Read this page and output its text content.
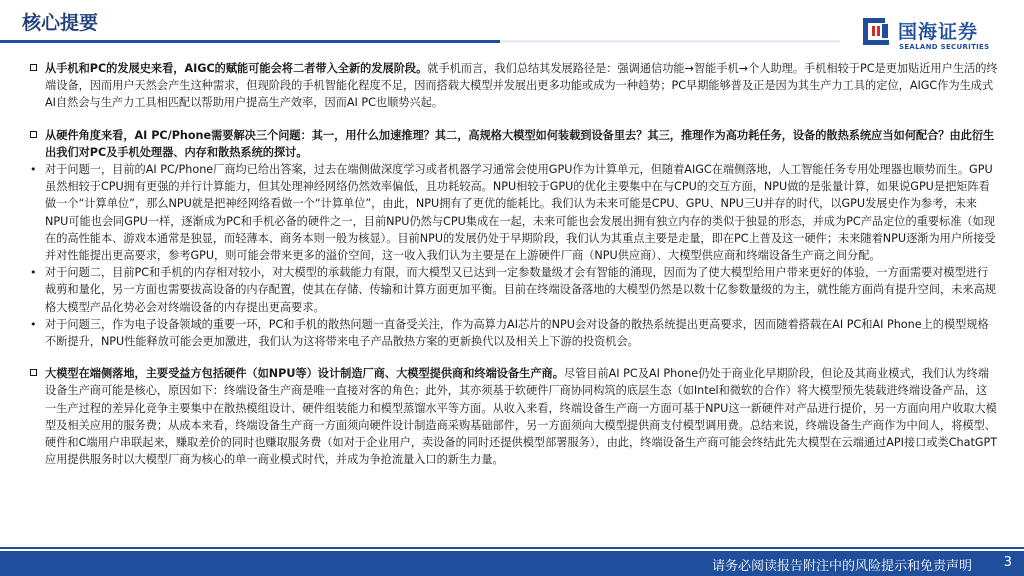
核心提要	国海证券
SEALAND SECURITIES
从手机和PC的发展史来看，AIGC的赋能可能会将二者带入全新的发展阶段。就手机而言，我们总结其发展路径是：强调通信功能→智能手机→个人助理。手机相较于PC是更加贴近用户生活的终端设备，因而用户天然会产生这种需求，但现阶段的手机智能化程度不足，因而搭载大模型并发展出更多功能或成为一种趋势；PC早期能够普及正是因为其生产力工具的定位，AIGC作为生成式AI自然会与生产力工具相匹配以帮助用户提高生产效率，因而AI PC也顺势兴起。
从硬件角度来看，AI PC/Phone需要解决三个问题：其一，用什么加速推理？其二，高规格大模型如何装载到设备里去？其三，推理作为高功耗任务，设备的散热系统应当如何配合？由此衍生出我们对PC及手机处理器、内存和散热系统的探讨。
• 对于问题一，目前的AI PC/Phone厂商均已给出答案，过去在端侧做深度学习或者机器学习通常会使用GPU作为计算单元，但随着AIGC在端侧落地，人工智能任务专用处理器也顺势而生。GPU虽然相较于CPU拥有更强的并行计算能力，但其处理神经网络仍然效率偏低，且功耗较高。NPU相较于GPU的优化主要集中在与CPU的交互方面，NPU做的是张量计算，如果说GPU是把矩阵看做一个“计算单位”，那么NPU就是把神经网络看做一个“计算单位”，由此，NPU拥有了更优的能耗比。我们认为未来可能是CPU、GPU、NPU三U并存的时代，以GPU发展史作为参考，未来NPU可能也会同GPU一样，逐渐成为PC和手机必备的硬件之一，目前NPU仍然与CPU集成在一起，未来可能也会发展出拥有独立内存的类似于独显的形态，并成为PC产品定位的重要标准（如现在的高性能本、游戏本通常是独显，而轻薄本、商务本则一般为核显）。目前NPU的发展仍处于早期阶段，我们认为其重点主要是走量，即在PC上普及这一硬件；未来随着NPU逐渐为用户所接受并对性能提出更高要求，参考GPU，则可能会带来更多的溢价空间，这一收入我们认为主要是在上游硬件厂商（NPU供应商）、大模型供应商和终端设备生产商之间分配。
• 对于问题二，目前PC和手机的内存相对较小，对大模型的承载能力有限，而大模型又已达到一定参数量级才会有智能的涌现，因而为了使大模型给用户带来更好的体验，一方面需要对模型进行裁剪和量化，另一方面也需要拔高设备的内存配置，使其在存储、传输和计算方面更加平衡。目前在终端设备落地的大模型仍然是以数十亿参数量级的为主，就性能方面尚有提升空间，未来高规格大模型产品化势必会对终端设备的内存提出更高要求。
• 对于问题三，作为电子设备领域的重要一环，PC和手机的散热问题一直备受关注，作为高算力AI芯片的NPU会对设备的散热系统提出更高要求，因而随着搭载在AI PC和AI Phone上的模型规格不断提升，NPU性能释放可能会更加激进，我们认为这将带来电子产品散热方案的更新换代以及相关上下游的投资机会。
大模型在端侧落地，主要受益方包括硬件（如NPU等）设计制造厂商、大模型提供商和终端设备生产商。尽管目前AI PC及AI Phone仍处于商业化早期阶段，但论及其商业模式，我们认为终端设备生产商可能是核心，原因如下：终端设备生产商是唯一直接对客的角色；此外，其亦须基于软硬件厂商协同构筑的底层生态（如Intel和微软的合作）将大模型预先装载进终端设备产品，这一生产过程的差异化竞争主要集中在散热模组设计、硬件组装能力和模型蒸馏水平等方面。从收入来看，终端设备生产商一方面可基于NPU这一新硬件对产品进行提价，另一方面向用户收取大模型及相关应用的服务费；从成本来看，终端设备生产商一方面须向硬件设计制造商采购基础部件，另一方面须向大模型提供商支付模型调用费。总结来说，终端设备生产商作为中间人，将模型、硬件和C端用户串联起来，赚取差价的同时也赚取服务费（如对于企业用户，卖设备的同时还提供模型部署服务），由此，终端设备生产商可能会终结此先大模型在云端通过API接口或类ChatGPT应用提供服务时以大模型厂商为核心的单一商业模式时代，并成为争抢流量入口的新生力量。
请务必阅读报告附注中的风险提示和免责声明 3
